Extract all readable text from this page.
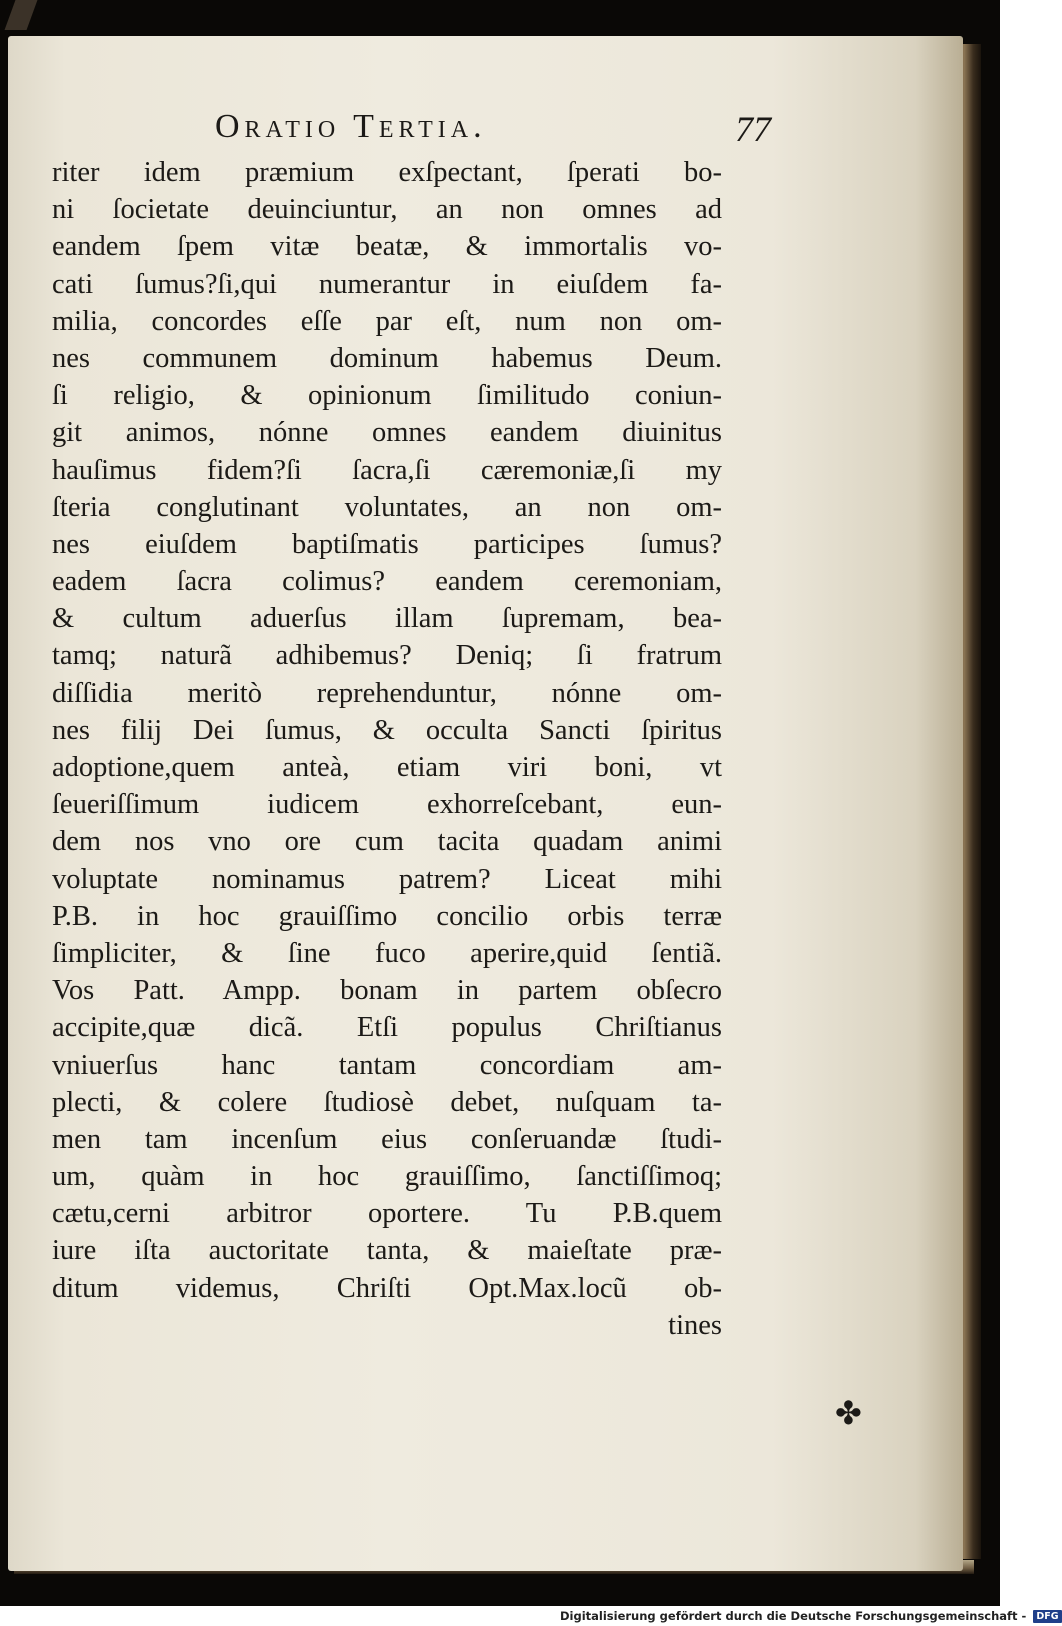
Oratio Tertia.	77
riter idem præmium exſpectant, ſperati bo-
ni ſocietate deuinciuntur, an non omnes ad
eandem ſpem vitæ beatæ, & immortalis vo-
cati ſumus?ſi,qui numerantur in eiuſdem fa-
milia, concordes eſſe par eſt, num non om-
nes communem dominum habemus Deum.
ſi religio, & opinionum ſimilitudo coniun-
git animos, nónne omnes eandem diuinitus
hauſimus fidem?ſi ſacra,ſi cæremoniæ,ſi my
ſteria conglutinant voluntates, an non om-
nes eiuſdem baptiſmatis participes ſumus?
eadem ſacra colimus? eandem ceremoniam,
& cultum aduerſus illam ſupremam, bea-
tamq; naturã adhibemus? Deniq; ſi fratrum
diſſidia meritò reprehenduntur, nónne om-
nes filij Dei ſumus, & occulta Sancti ſpiritus
adoptione,quem anteà, etiam viri boni, vt
ſeueriſſimum iudicem exhorreſcebant, eun-
dem nos vno ore cum tacita quadam animi
voluptate nominamus patrem? Liceat mihi
P.B. in hoc grauiſſimo concilio orbis terræ
ſimpliciter, & ſine fuco aperire,quid ſentiã.
Vos Patt. Ampp. bonam in partem obſecro
accipite,quæ dicã. Etſi populus Chriſtianus
vniuerſus hanc tantam concordiam am-
plecti, & colere ſtudiosè debet, nuſquam ta-
men tam incenſum eius conſeruandæ ſtudi-
um, quàm in hoc grauiſſimo, ſanctiſſimoq;
cætu,cerni arbitror oportere. Tu P.B.quem
iure iſta auctoritate tanta, & maieſtate præ-
ditum videmus, Chriſti Opt.Max.locũ ob-
tines
✤
Digitalisierung gefördert durch die Deutsche Forschungsgemeinschaft - DFG
